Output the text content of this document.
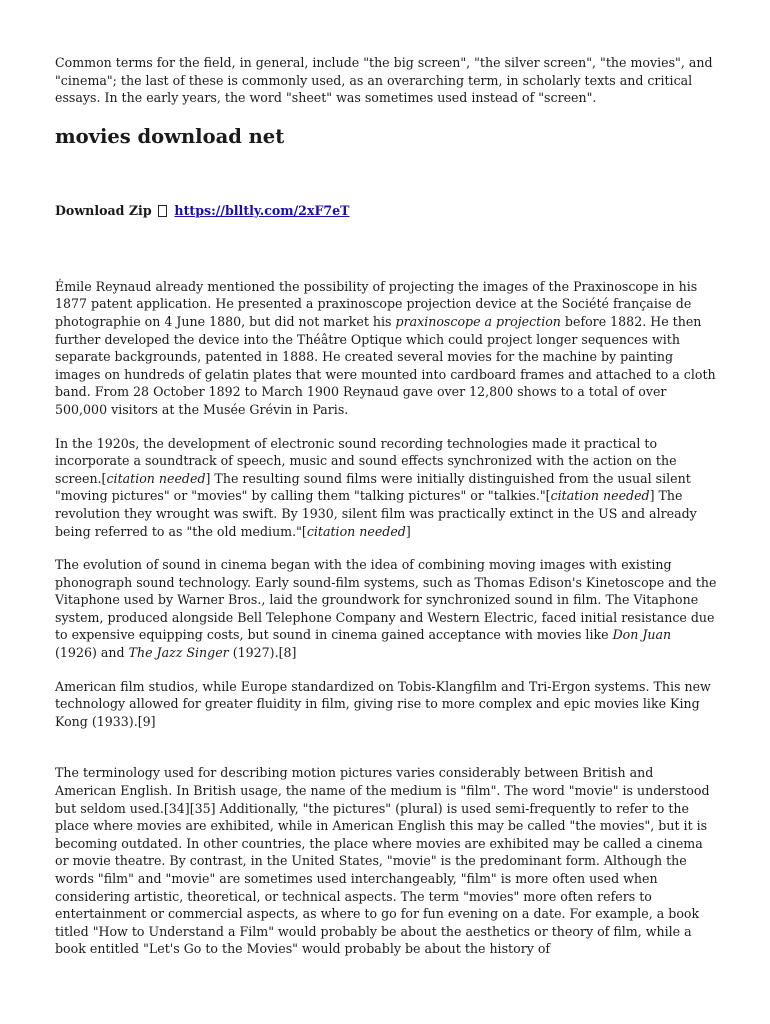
Common terms for the field, in general, include "the big screen", "the silver screen", "the movies", and "cinema"; the last of these is commonly used, as an overarching term, in scholarly texts and critical essays. In the early years, the word "sheet" was sometimes used instead of "screen".

movies download net
Download Zip https://blltly.com/2xF7eT

Émile Reynaud already mentioned the possibility of projecting the images of the Praxinoscope in his 1877 patent application. He presented a praxinoscope projection device at the Société française de photographie on 4 June 1880, but did not market his praxinoscope a projection before 1882. He then further developed the device into the Théâtre Optique which could project longer sequences with separate backgrounds, patented in 1888. He created several movies for the machine by painting images on hundreds of gelatin plates that were mounted into cardboard frames and attached to a cloth band. From 28 October 1892 to March 1900 Reynaud gave over 12,800 shows to a total of over 500,000 visitors at the Musée Grévin in Paris.

In the 1920s, the development of electronic sound recording technologies made it practical to incorporate a soundtrack of speech, music and sound effects synchronized with the action on the screen.[citation needed] The resulting sound films were initially distinguished from the usual silent "moving pictures" or "movies" by calling them "talking pictures" or "talkies."[citation needed] The revolution they wrought was swift. By 1930, silent film was practically extinct in the US and already being referred to as "the old medium."[citation needed]

The evolution of sound in cinema began with the idea of combining moving images with existing phonograph sound technology. Early sound-film systems, such as Thomas Edison's Kinetoscope and the Vitaphone used by Warner Bros., laid the groundwork for synchronized sound in film. The Vitaphone system, produced alongside Bell Telephone Company and Western Electric, faced initial resistance due to expensive equipping costs, but sound in cinema gained acceptance with movies like Don Juan (1926) and The Jazz Singer (1927).[8]

American film studios, while Europe standardized on Tobis-Klangfilm and Tri-Ergon systems. This new technology allowed for greater fluidity in film, giving rise to more complex and epic movies like King Kong (1933).[9]

The terminology used for describing motion pictures varies considerably between British and American English. In British usage, the name of the medium is "film". The word "movie" is understood but seldom used.[34][35] Additionally, "the pictures" (plural) is used semi-frequently to refer to the place where movies are exhibited, while in American English this may be called "the movies", but it is becoming outdated. In other countries, the place where movies are exhibited may be called a cinema or movie theatre. By contrast, in the United States, "movie" is the predominant form. Although the words "film" and "movie" are sometimes used interchangeably, "film" is more often used when considering artistic, theoretical, or technical aspects. The term "movies" more often refers to entertainment or commercial aspects, as where to go for fun evening on a date. For example, a book titled "How to Understand a Film" would probably be about the aesthetics or theory of film, while a book entitled "Let's Go to the Movies" would probably be about the history of
